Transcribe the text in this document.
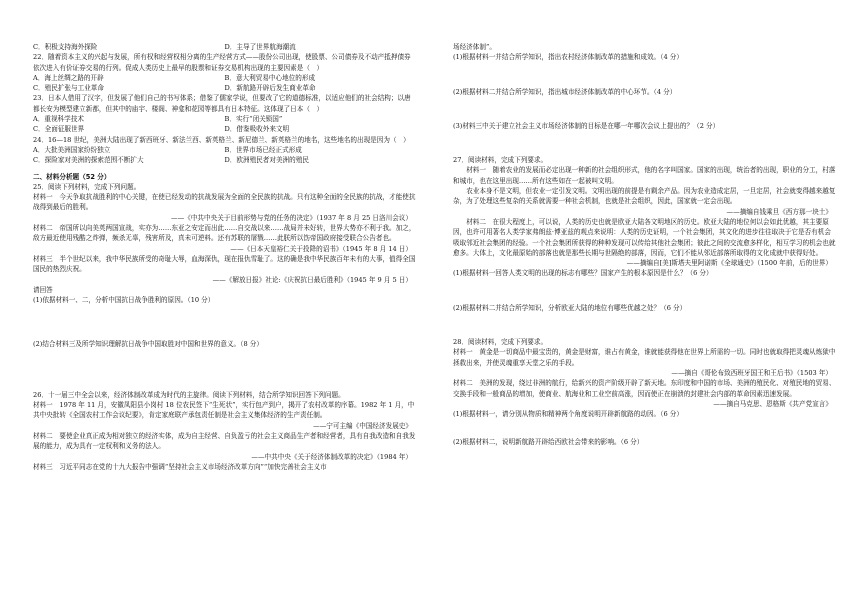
C．积极支持海外探险	D．主导了世界航海潮流

22．随着资本主义的兴起与发展，所有权和经营权相分离的生产经营方式——股份公司出现，使股票、公司债券及不动产抵押债券依次进入有价证券交易的行列。促成人类历史上最早的股票和证券交易机构出现的主要因素是（　）

A．海上丝绸之路的开辟	B．意大利贸易中心地位的形成
C．殖民扩张与工业革命	D．新航路开辟后发生商业革命

23．日本人借用了汉字，但发展了他们自己的书写体系；借鉴了儒家学说，但要改了它的道德标准，以适应他们的社会结构；以唐都长安为模型建立新都，但其中的庙宇、楼阁、神龛和花园等都具有日本特征。这体现了日本（　）

A．重视科学技术	B．实行“闭关锁国”
C．全面征服世界	D．借鉴吸收外来文明

24．16—18 世纪，美洲大陆出现了新西班牙、新法兰西、新英格兰、新尼德兰、新英格兰的地名，这些地名的出现是因为（　）

A．大批美洲国家纷纷独立	B．世界市场已经正式形成
C．探险家对美洲的探索范围不断扩大	D．欧洲殖民者对美洲的殖民

二、材料分析题（52 分）

25．阅读下列材料，完成下列问题。

材料一　今天争取抗战胜利的中心关键，在使已经发动的抗战发展为全面的全民族的抗战。只有这种全面的全民族的抗战，才能使抗战得到最后的胜利。

——《中共中央关于目前形势与党的任务的决定》（1937 年 8 月 25 日洛川会议）

材料二　帝国所以向美英两国宣战，实亦为……东亚之安定而出此……自交战以来……战局并未好转，世界大势亦不利于我。加之，敌方最近使用残酷之炸弹，频杀无辜，残害所及，真未可逆料。还有苏联的屠戮……此朕所以饬帝国政府接受联合公告者也。

——《日本天皇裕仁关于投降的诏书》（1945 年 8 月 14 日）

材料三　半个世纪以来，我中华民族所受的奇耻大辱，血海深仇，现在报仇雪耻了。这的确是我中华民族百年未有的大事，值得全国国民的热烈庆祝。

——《解放日报》社论:《庆祝抗日最后胜利》（1945 年 9 月 5 日）

请回答

(1)依据材料一、二，分析中国抗日战争胜利的原因。（10 分）

(2)结合材料三及所学知识理解抗日战争中国取胜对中国和世界的意义。（8 分）

26．十一届三中全会以来，经济体制改革成为时代的主旋律。阅读下列材料，结合所学知识回答下列问题。

材料一　1978 年 11 月，安徽凤阳县小岗村 18 位农民签下“生死状”，实行包产到户，揭开了农村改革的序幕。1982 年 1 月，中共中央批转《全国农村工作会议纪要》，肯定家庭联产承包责任制是社会主义集体经济的生产责任制。

——宁可主编《中国经济发展史》

材料二　要使企业真正成为相对独立的经济实体，成为自主经营、自负盈亏的社会主义商品生产者和经营者，具有自我改造和自我发展的能力，成为具有一定权利和义务的法人。

——中共中央《关于经济体制改革的决定》（1984 年）

材料三　习近平同志在党的十九大报告中强调“坚持社会主义市场经济改革方向”“加快完善社会主义市

场经济体制”。

(1)根据材料一并结合所学知识，指出农村经济体制改革的措施和成效。（4 分）

(2)根据材料二并结合所学知识，指出城市经济体制改革的中心环节。（4 分）

(3)材料三中关于建立社会主义市场经济体制的目标是在哪一年哪次会议上提出的？（2 分）

27．阅读材料，完成下列要求。

材料一　随着农业的发展而必定出现一种新的社会组织形式，他的名字叫国家。国家的出现，统治者的出现，职业的分工，村落和城市，也在这里出现……所有这些如在一起被叫文明。

农业本身不是文明，但农业一定引发文明。文明出现的前提是有剩余产品。因为农业造成定居，一旦定居，社会就变得越来越复杂，为了处理这些复杂的关系就需要一种社会机制，也就是社会组织，因此，国家就一定会出现。

——摘编自钱乘旦《西方那一块土》

材料二　在很大程度上，可以说，人类的历史也就是欧亚大陆各文明地区的历史。欧亚大陆的地位何以会如此优越，其主要原因，也许可用著名人类学家弗朗兹·博亚兹的观点来说明：人类的历史证明，一个社会集团，其文化的进步往往取决于它是否有机会吸取邻近社会集团的经验。一个社会集团所获得的种种发现可以传给其他社会集团；彼此之间的交流愈多样化，相互学习的机会也就愈多。大体上，文化最原始的部落也就是那些长期与世隔绝的部落，因而，它们不能从邻近部落所取得的文化成就中获得好处。

——摘编自[美]斯塔夫里阿诺斯《全球通史》（1500 年前，后的世界）

(1)根据材料一回答人类文明的出现的标志有哪些？国家产生的根本原因是什么？（6 分）

(2)根据材料二并结合所学知识，分析欧亚大陆的地位有哪些优越之处？（6 分）

28．阅读材料，完成下列要求。

材料一　黄金是一切商品中最宝贵的，黄金是财富，谁占有黄金，谁就能获得他在世界上所需的一切。同时也就取得把灵魂从炼狱中拯救出来，并使灵魂重享天堂之乐的手段。

——摘自《哥伦布致西班牙国王和王后书》（1503 年）

材料二　美洲的发现，绕过非洲的航行，给新兴的资产阶级开辟了新天地。东印度和中国的市场、美洲的殖民化、对殖民地的贸易、交换手段和一般商品的增加，使商业、航海业和工业空前高涨，因而使正在崩溃的封建社会内部的革命因素迅速发展。

——摘自马克思、恩格斯《共产党宣言》

(1)根据材料一，请分别从物质和精神两个角度说明开辟新航路的动因。（6 分）

(2)根据材料二，说明新航路开辟给西欧社会带来的影响。（6 分）
